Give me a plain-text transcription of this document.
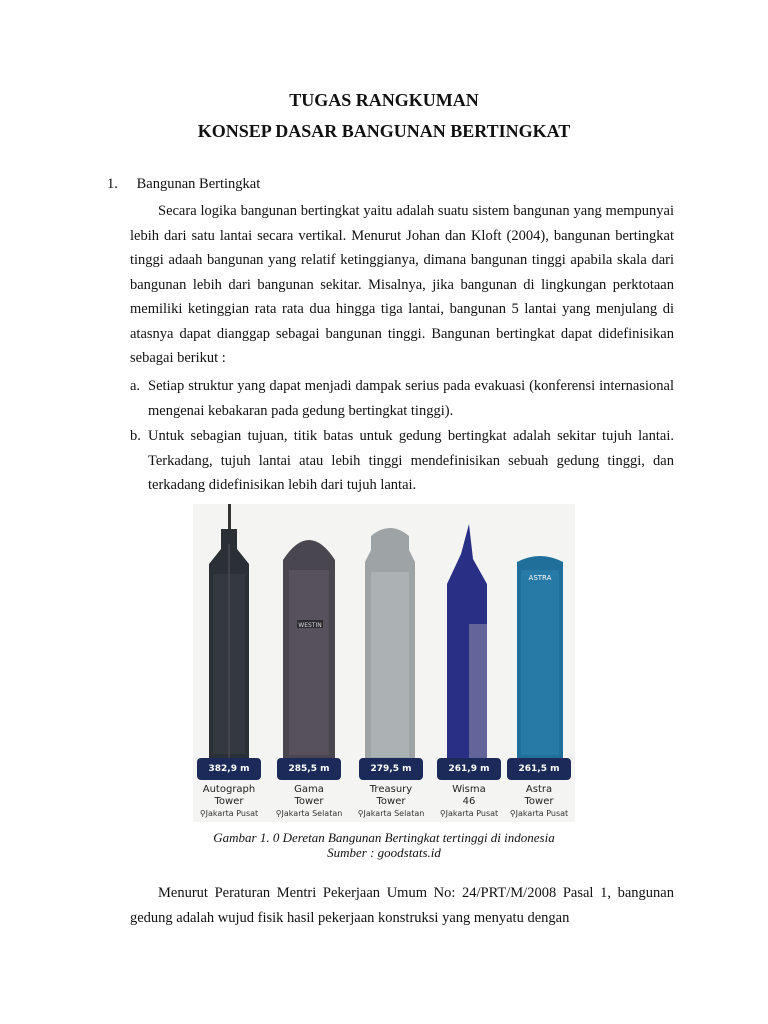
TUGAS RANGKUMAN
KONSEP DASAR BANGUNAN BERTINGKAT
1. Bangunan Bertingkat

Secara logika bangunan bertingkat yaitu adalah suatu sistem bangunan yang mempunyai lebih dari satu lantai secara vertikal. Menurut Johan dan Kloft (2004), bangunan bertingkat tinggi adaah bangunan yang relatif ketinggianya, dimana bangunan tinggi apabila skala dari bangunan lebih dari bangunan sekitar. Misalnya, jika bangunan di lingkungan perktotaan memiliki ketinggian rata rata dua hingga tiga lantai, bangunan 5 lantai yang menjulang di atasnya dapat dianggap sebagai bangunan tinggi. Bangunan bertingkat dapat didefinisikan sebagai berikut :

a. Setiap struktur yang dapat menjadi dampak serius pada evakuasi (konferensi internasional mengenai kebakaran pada gedung bertingkat tinggi).
b. Untuk sebagian tujuan, titik batas untuk gedung bertingkat adalah sekitar tujuh lantai. Terkadang, tujuh lantai atau lebih tinggi mendefinisikan sebuah gedung tinggi, dan terkadang didefinisikan lebih dari tujuh lantai.
WESTIN
ASTRA
382,9 m	285,5 m	279,5 m	261,9 m	261,5 m
Autograph
Tower
Gama
Tower
Treasury
Tower
Wisma
46
Astra
Tower
⚲Jakarta Pusat	⚲Jakarta Selatan	⚲Jakarta Selatan	⚲Jakarta Pusat	⚲Jakarta Pusat
Gambar 1. 0 Deretan Bangunan Bertingkat tertinggi di indonesia
Sumber : goodstats.id

Menurut Peraturan Mentri Pekerjaan Umum No: 24/PRT/M/2008 Pasal 1, bangunan gedung adalah wujud fisik hasil pekerjaan konstruksi yang menyatu dengan
